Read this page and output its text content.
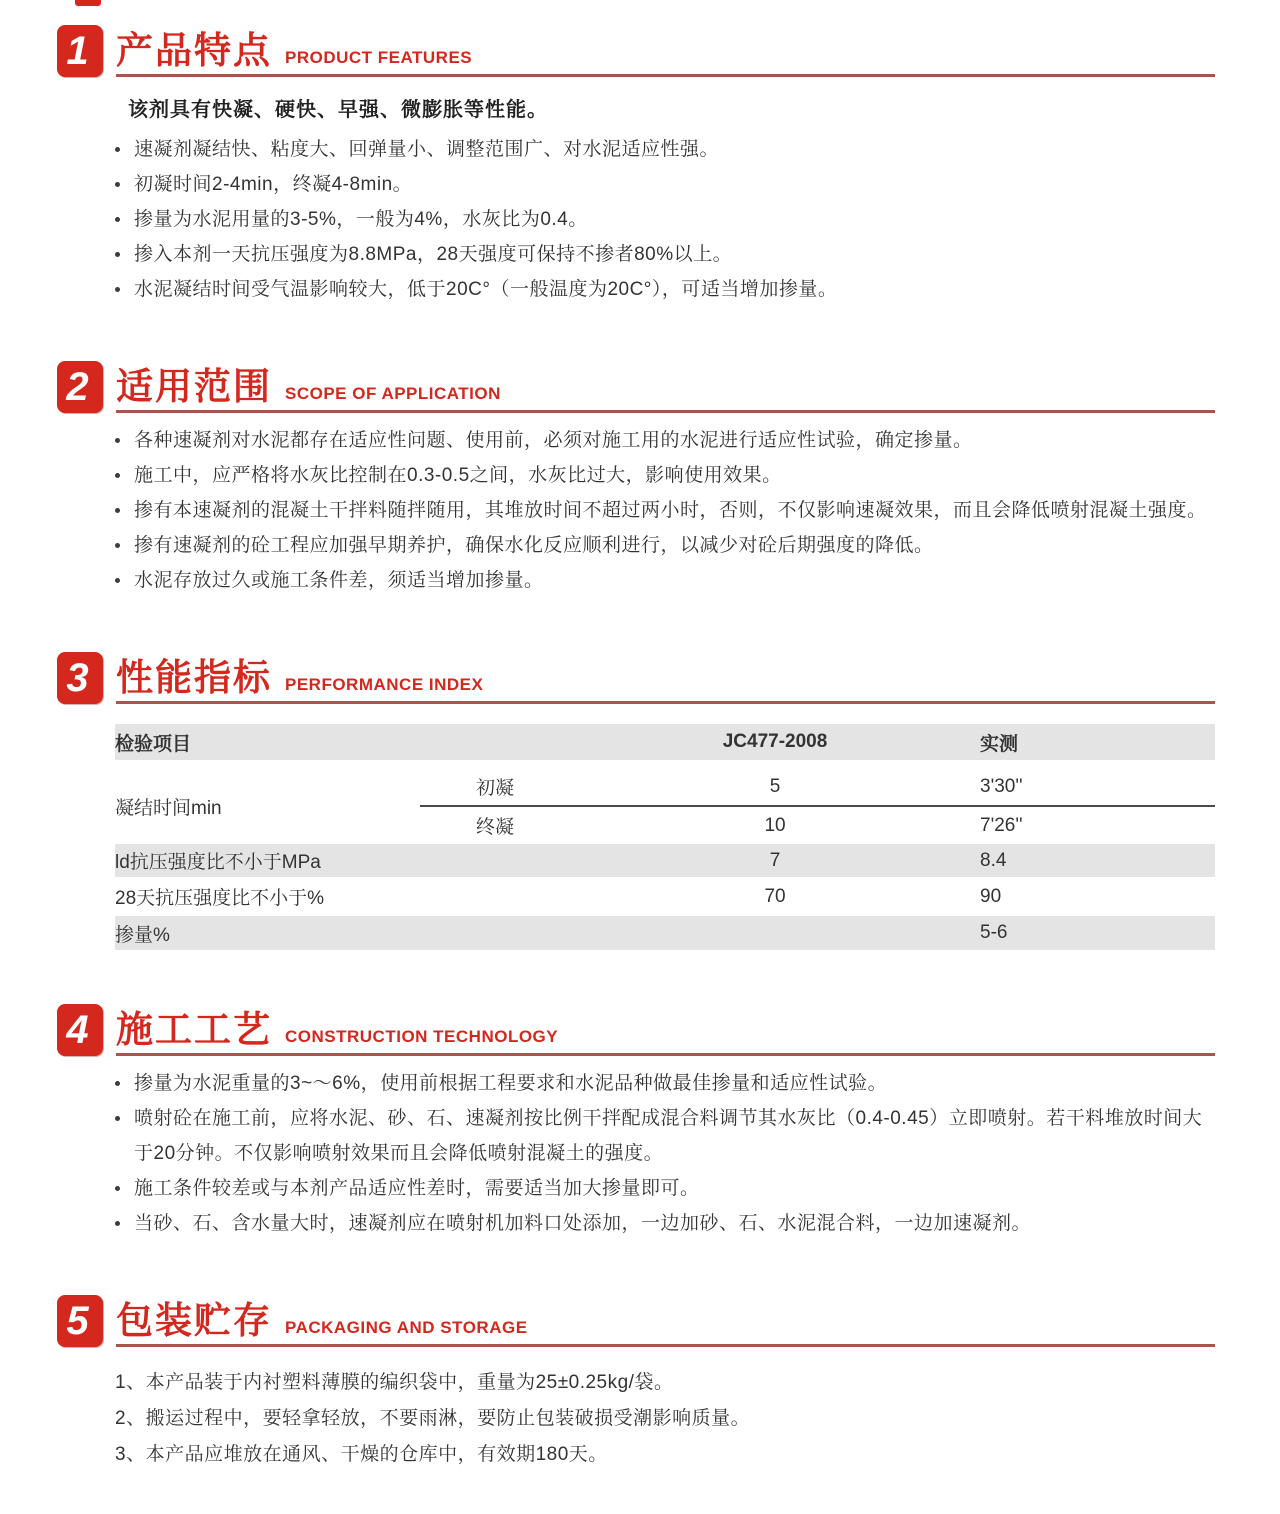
1 产品特点 PRODUCT FEATURES
该剂具有快凝、硬快、早强、微膨胀等性能。
速凝剂凝结快、粘度大、回弹量小、调整范围广、对水泥适应性强。
初凝时间2-4min，终凝4-8min。
掺量为水泥用量的3-5%，一般为4%，水灰比为0.4。
掺入本剂一天抗压强度为8.8MPa，28天强度可保持不掺者80%以上。
水泥凝结时间受气温影响较大，低于20C°（一般温度为20C°），可适当增加掺量。
2 适用范围 SCOPE OF APPLICATION
各种速凝剂对水泥都存在适应性问题、使用前，必须对施工用的水泥进行适应性试验，确定掺量。
施工中，应严格将水灰比控制在0.3-0.5之间，水灰比过大，影响使用效果。
掺有本速凝剂的混凝土干拌料随拌随用，其堆放时间不超过两小时，否则，不仅影响速凝效果，而且会降低喷射混凝土强度。
掺有速凝剂的砼工程应加强早期养护，确保水化反应顺利进行，以减少对砼后期强度的降低。
水泥存放过久或施工条件差，须适当增加掺量。
3 性能指标 PERFORMANCE INDEX
检验项目		JC477-2008	实测
凝结时间min	初凝	5	3'30''
	终凝	10	7'26''
ld抗压强度比不小于MPa		7	8.4
28天抗压强度比不小于%		70	90
掺量%			5-6
4 施工工艺 CONSTRUCTION TECHNOLOGY
掺量为水泥重量的3~～6%，使用前根据工程要求和水泥品种做最佳掺量和适应性试验。
喷射砼在施工前，应将水泥、砂、石、速凝剂按比例干拌配成混合料调节其水灰比（0.4-0.45）立即喷射。若干料堆放时间大于20分钟。不仅影响喷射效果而且会降低喷射混凝土的强度。
施工条件较差或与本剂产品适应性差时，需要适当加大掺量即可。
当砂、石、含水量大时，速凝剂应在喷射机加料口处添加，一边加砂、石、水泥混合料，一边加速凝剂。
5 包装贮存 PACKAGING AND STORAGE
1、本产品装于内衬塑料薄膜的编织袋中，重量为25±0.25kg/袋。
2、搬运过程中，要轻拿轻放，不要雨淋，要防止包装破损受潮影响质量。
3、本产品应堆放在通风、干燥的仓库中，有效期180天。
